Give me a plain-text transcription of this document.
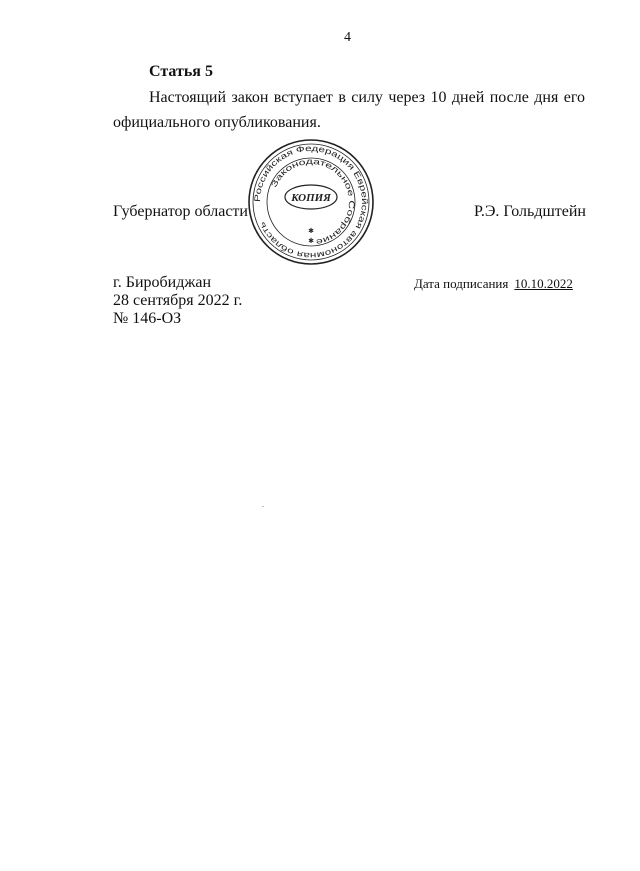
4
Статья 5
Настоящий закон вступает в силу через 10 дней после дня его
официального опубликования.
Губернатор области
Российская Федерация Еврейская автономная область
Законодательное Собрание
КОПИЯ
✱
✱
Р.Э. Гольдштейн
г. Биробиджан
28 сентября 2022 г.
№ 146-ОЗ
Дата подписания 10.10.2022
